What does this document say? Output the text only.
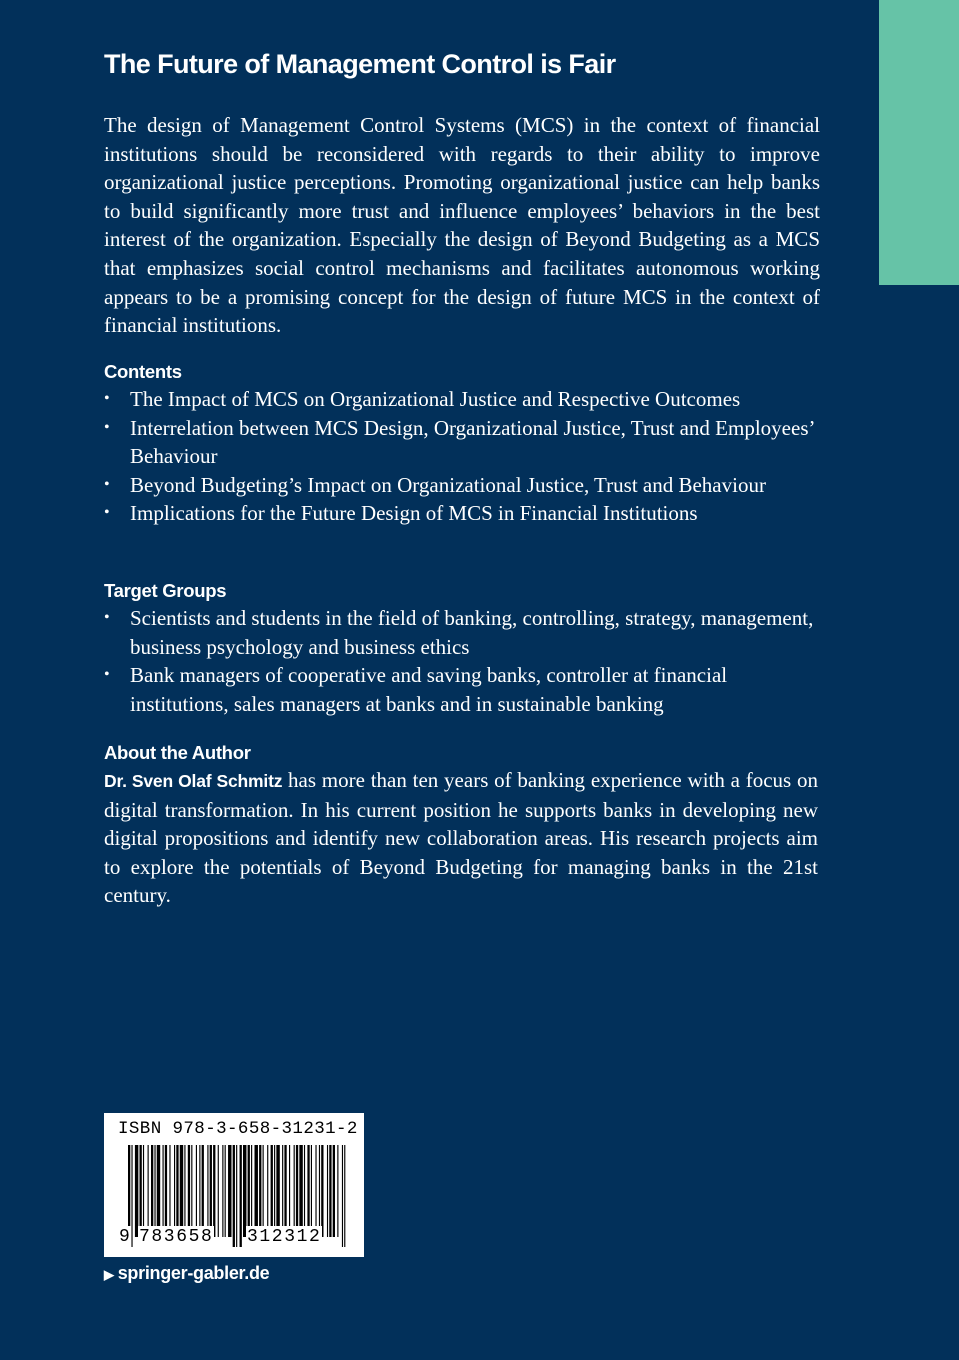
The Future of Management Control is Fair
The design of Management Control Systems (MCS) in the context of financial institutions should be reconsidered with regards to their ability to improve organizational justice perceptions. Promoting organizational justice can help banks to build significantly more trust and influence employees’ behaviors in the best interest of the organization. Especially the design of Beyond Budgeting as a MCS that emphasizes social control mechanisms and facilitates autonomous working appears to be a promising concept for the design of future MCS in the context of financial institutions.
Contents
• The Impact of MCS on Organizational Justice and Respective Outcomes
• Interrelation between MCS Design, Organizational Justice, Trust and Employees’ Behaviour
• Beyond Budgeting’s Impact on Organizational Justice, Trust and Behaviour
• Implications for the Future Design of MCS in Financial Institutions
Target Groups
• Scientists and students in the field of banking, controlling, strategy, management, business psychology and business ethics
• Bank managers of cooperative and saving banks, controller at financial institutions, sales managers at banks and in sustainable banking
About the Author
Dr. Sven Olaf Schmitz has more than ten years of banking experience with a focus on digital transformation. In his current position he supports banks in developing new digital propositions and identify new collaboration areas. His research projects aim to explore the potentials of Beyond Budgeting for managing banks in the 21st century.
ISBN 978-3-658-31231-2
9 783658 312312
▶ springer-gabler.de
